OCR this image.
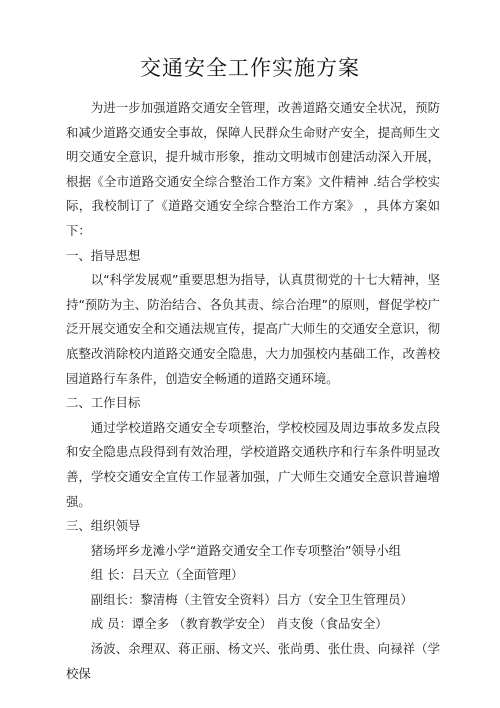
交通安全工作实施方案

为进一步加强道路交通安全管理，改善道路交通安全状况，预防和减少道路交通安全事故，保障人民群众生命财产安全，提高师生文明交通安全意识，提升城市形象，推动文明城市创建活动深入开展，根据《全市道路交通安全综合整治工作方案》文件精神 .结合学校实际，我校制订了《道路交通安全综合整治工作方案》 ，具体方案如下：

一、指导思想

以“科学发展观”重要思想为指导，认真贯彻党的十七大精神，坚持“预防为主、防治结合、各负其责、综合治理”的原则，督促学校广泛开展交通安全和交通法规宣传，提高广大师生的交通安全意识，彻底整改消除校内道路交通安全隐患，大力加强校内基础工作，改善校园道路行车条件，创造安全畅通的道路交通环境。

二、工作目标

通过学校道路交通安全专项整治，学校校园及周边事故多发点段和安全隐患点段得到有效治理，学校道路交通秩序和行车条件明显改善，学校交通安全宣传工作显著加强，广大师生交通安全意识普遍增强。

三、组织领导

猪场坪乡龙滩小学“道路交通安全工作专项整治”领导小组

组 长：吕天立（全面管理）

副组长：黎清梅（主管安全资料）吕方（安全卫生管理员）

成 员：谭全多 （教育教学安全） 肖支俊（食品安全）

汤波、余理双、蒋正丽、杨文兴、张尚勇、张仕贵、向禄祥（学校保
